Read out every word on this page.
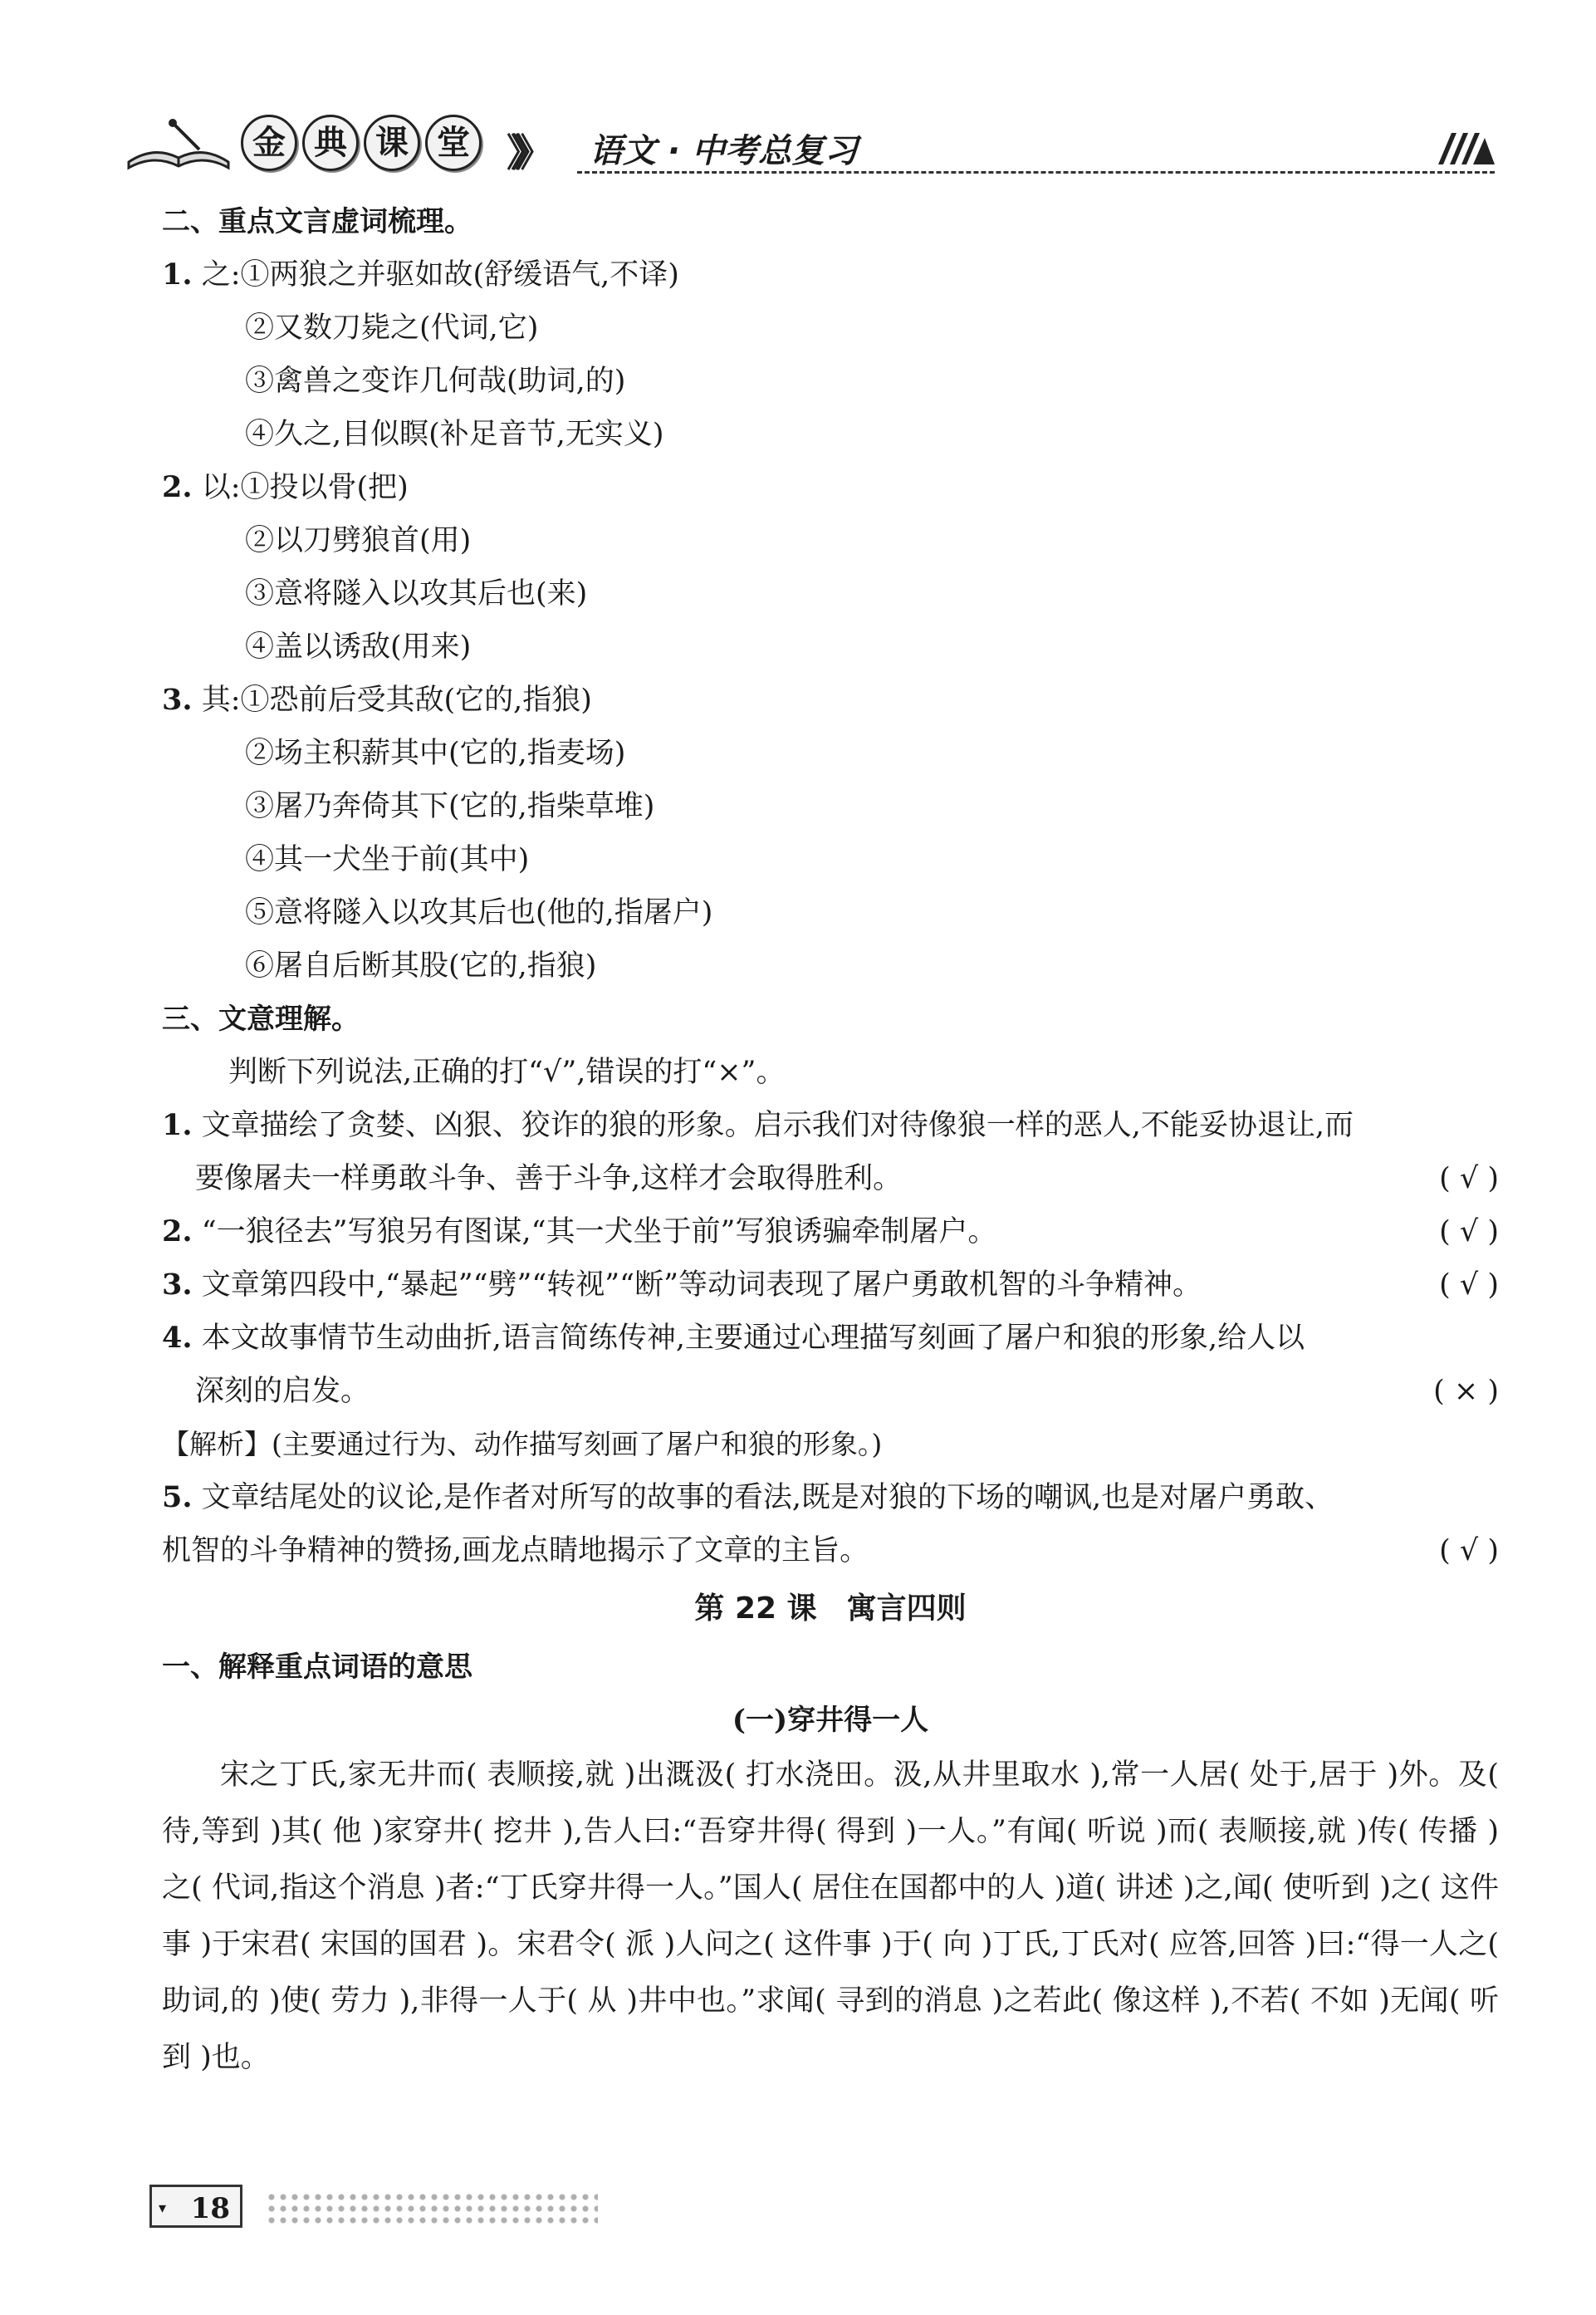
金 典 课 堂 》》》 语文 · 中考总复习
二、重点文言虚词梳理。
1. 之:①两狼之并驱如故(舒缓语气,不译)
②又数刀毙之(代词,它)
③禽兽之变诈几何哉(助词,的)
④久之,目似瞑(补足音节,无实义)
2. 以:①投以骨(把)
②以刀劈狼首(用)
③意将隧入以攻其后也(来)
④盖以诱敌(用来)
3. 其:①恐前后受其敌(它的,指狼)
②场主积薪其中(它的,指麦场)
③屠乃奔倚其下(它的,指柴草堆)
④其一犬坐于前(其中)
⑤意将隧入以攻其后也(他的,指屠户)
⑥屠自后断其股(它的,指狼)
三、文意理解。
判断下列说法,正确的打“√”,错误的打“×”。
1. 文章描绘了贪婪、凶狠、狡诈的狼的形象。启示我们对待像狼一样的恶人,不能妥协退让,而
要像屠夫一样勇敢斗争、善于斗争,这样才会取得胜利。	( √ )
2. “一狼径去”写狼另有图谋,“其一犬坐于前”写狼诱骗牵制屠户。	( √ )
3. 文章第四段中,“暴起”“劈”“转视”“断”等动词表现了屠户勇敢机智的斗争精神。	( √ )
4. 本文故事情节生动曲折,语言简练传神,主要通过心理描写刻画了屠户和狼的形象,给人以
深刻的启发。	( × )
【解析】(主要通过行为、动作描写刻画了屠户和狼的形象。)
5. 文章结尾处的议论,是作者对所写的故事的看法,既是对狼的下场的嘲讽,也是对屠户勇敢、
机智的斗争精神的赞扬,画龙点睛地揭示了文章的主旨。	( √ )
第 22 课　寓言四则
一、解释重点词语的意思
(一)穿井得一人
宋之丁氏,家无井而( 表顺接,就 )出溉汲( 打水浇田。汲,从井里取水 ),常一人居( 处于,居于 )外。及( 待,等到 )其( 他 )家穿井( 挖井 ),告人曰:“吾穿井得( 得到 )一人。”有闻( 听说 )而( 表顺接,就 )传( 传播 )之( 代词,指这个消息 )者:“丁氏穿井得一人。”国人( 居住在国都中的人 )道( 讲述 )之,闻( 使听到 )之( 这件事 )于宋君( 宋国的国君 )。宋君令( 派 )人问之( 这件事 )于( 向 )丁氏,丁氏对( 应答,回答 )曰:“得一人之( 助词,的 )使( 劳力 ),非得一人于( 从 )井中也。”求闻( 寻到的消息 )之若此( 像这样 ),不若( 不如 )无闻( 听到 )也。
▾ 18
